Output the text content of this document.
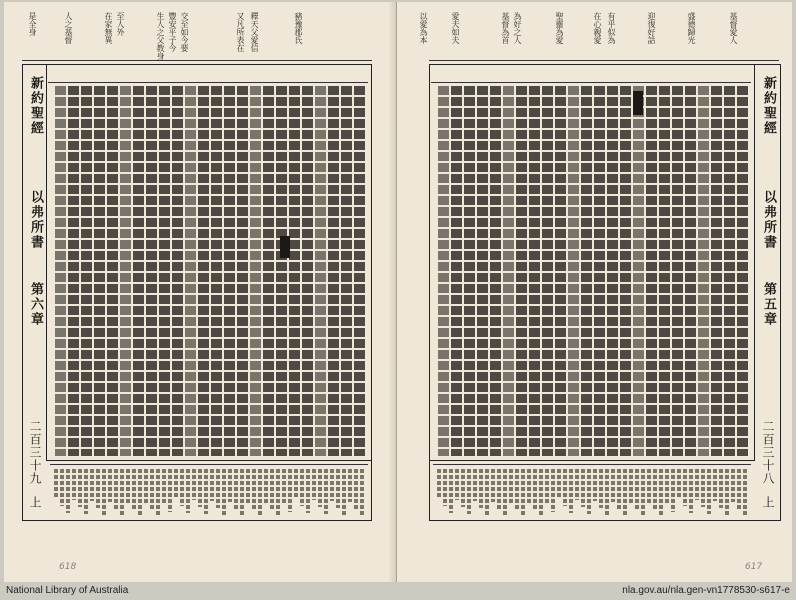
是全身	人之基督	在家無異 至人外	生人之父教身 豐安平子今 交至如今要	又凡所表在 釋天父愛信	豬豫郡氏
新約聖經
以弗所書
第六章
二百三十九
上
618
以愛為本	愛夫如夫	基督為首 為好之人	聖靈為愛	在心親愛 有乎似為	迎復好話	盛德歸光	基督愛人
新約聖經
以弗所書
第五章
二百三十八
上
617
National Library of Australia	nla.gov.au/nla.gen-vn1778530-s617-e
